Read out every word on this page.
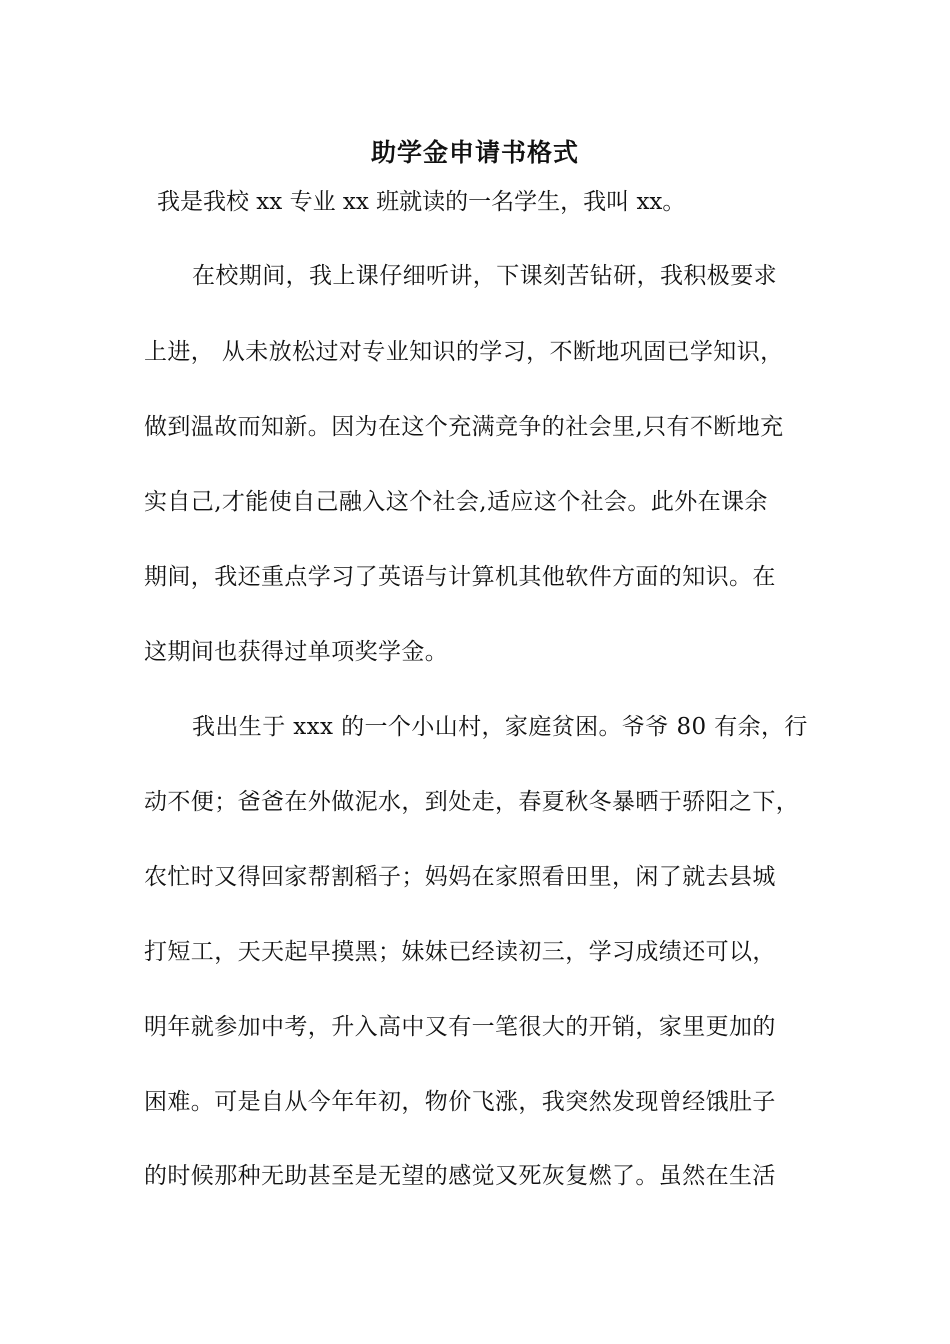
助学金申请书格式
我是我校 xx 专业 xx 班就读的一名学生，我叫 xx。
在校期间，我上课仔细听讲，下课刻苦钻研，我积极要求
上进， 从未放松过对专业知识的学习，不断地巩固已学知识，
做到温故而知新。因为在这个充满竞争的社会里,只有不断地充
实自己,才能使自己融入这个社会,适应这个社会。此外在课余
期间，我还重点学习了英语与计算机其他软件方面的知识。在
这期间也获得过单项奖学金。
我出生于 xxx 的一个小山村，家庭贫困。爷爷 80 有余，行
动不便；爸爸在外做泥水，到处走，春夏秋冬暴晒于骄阳之下，
农忙时又得回家帮割稻子；妈妈在家照看田里，闲了就去县城
打短工，天天起早摸黑；妹妹已经读初三，学习成绩还可以，
明年就参加中考，升入高中又有一笔很大的开销，家里更加的
困难。可是自从今年年初，物价飞涨，我突然发现曾经饿肚子
的时候那种无助甚至是无望的感觉又死灰复燃了。虽然在生活
